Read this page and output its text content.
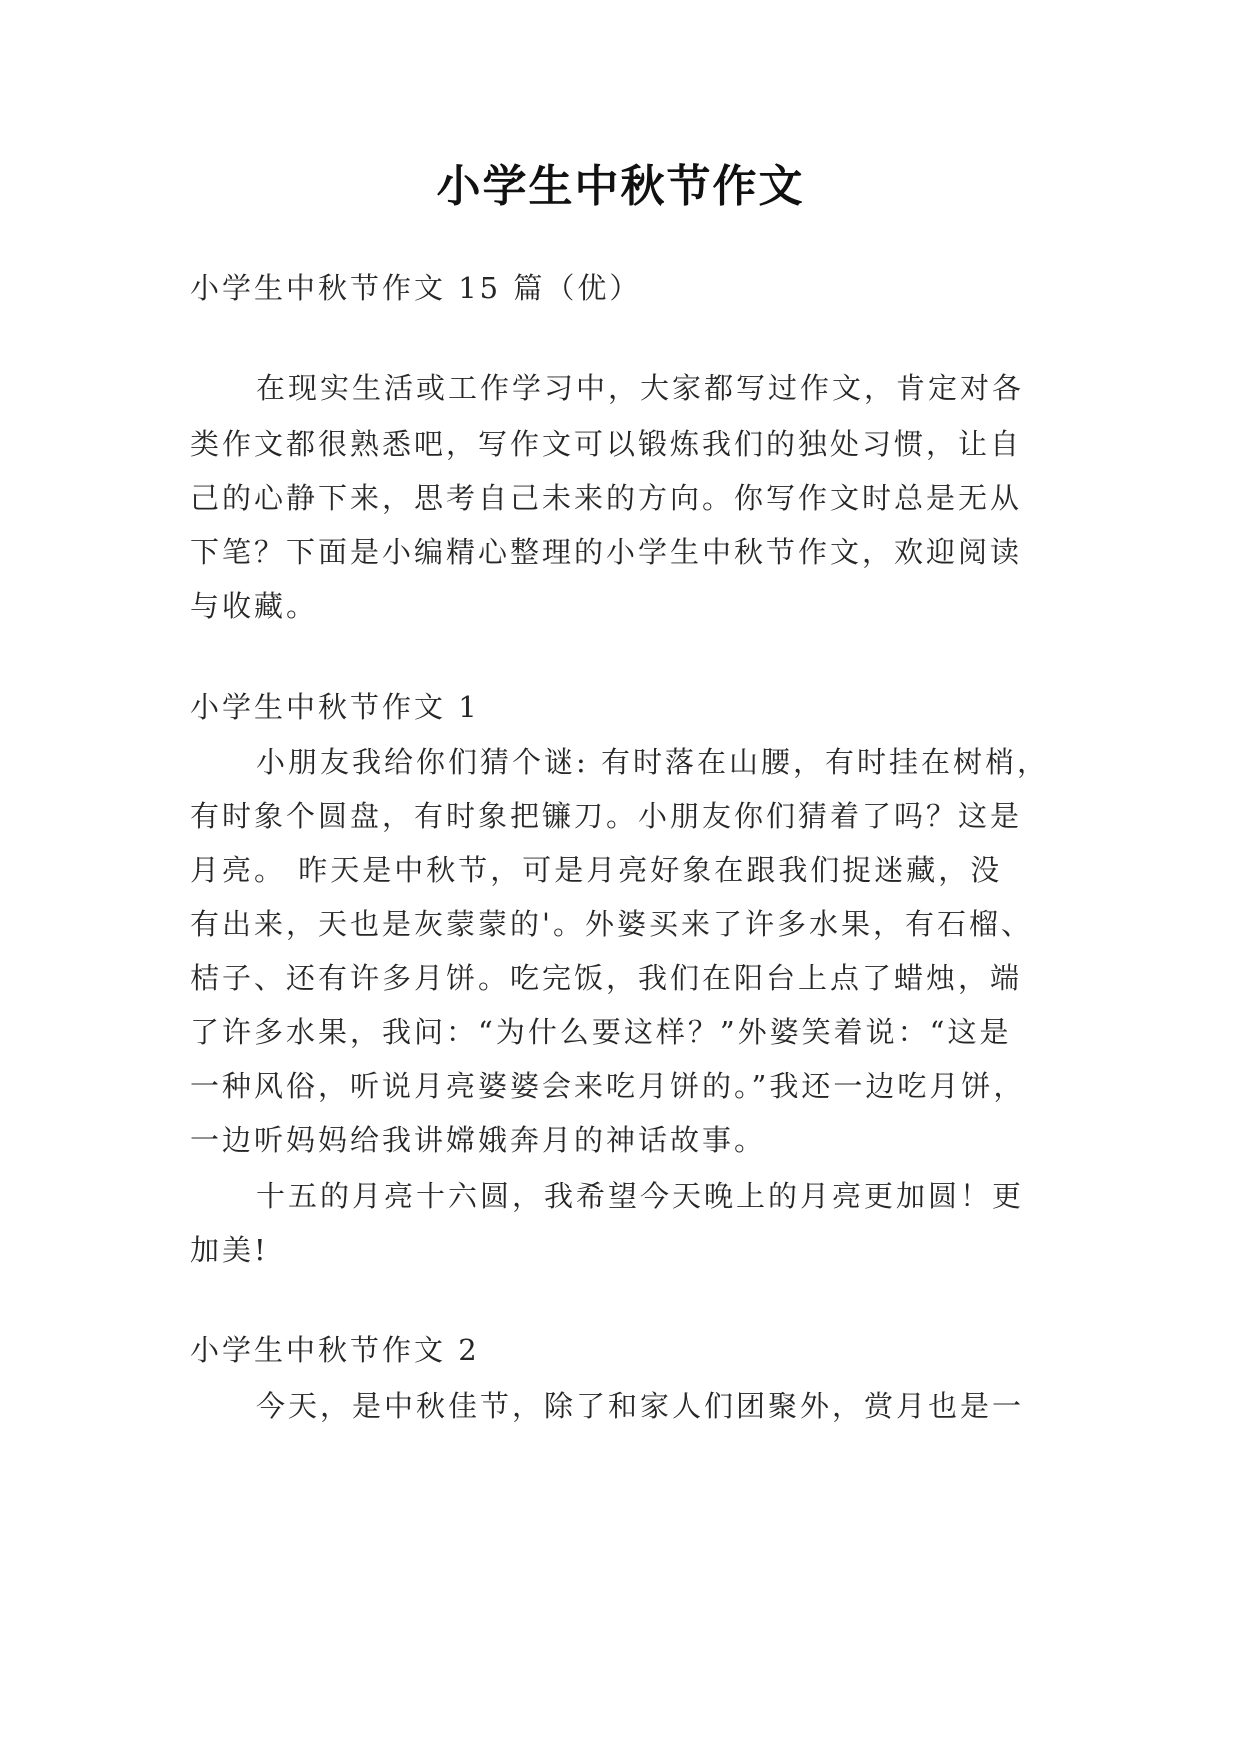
小学生中秋节作文
小学生中秋节作文 15 篇（优）
在现实生活或工作学习中，大家都写过作文，肯定对各
类作文都很熟悉吧，写作文可以锻炼我们的独处习惯，让自
己的心静下来，思考自己未来的方向。你写作文时总是无从
下笔？下面是小编精心整理的小学生中秋节作文，欢迎阅读
与收藏。
小学生中秋节作文 1
小朋友我给你们猜个谜: 有时落在山腰，有时挂在树梢，
有时象个圆盘，有时象把镰刀。小朋友你们猜着了吗？这是
月亮。 昨天是中秋节，可是月亮好象在跟我们捉迷藏，没
有出来，天也是灰蒙蒙的'。外婆买来了许多水果，有石榴、
桔子、还有许多月饼。吃完饭，我们在阳台上点了蜡烛，端
了许多水果，我问：“为什么要这样？”外婆笑着说：“这是
一种风俗，听说月亮婆婆会来吃月饼的。”我还一边吃月饼，
一边听妈妈给我讲嫦娥奔月的神话故事。
十五的月亮十六圆，我希望今天晚上的月亮更加圆！更
加美!
小学生中秋节作文 2
今天，是中秋佳节，除了和家人们团聚外，赏月也是一
